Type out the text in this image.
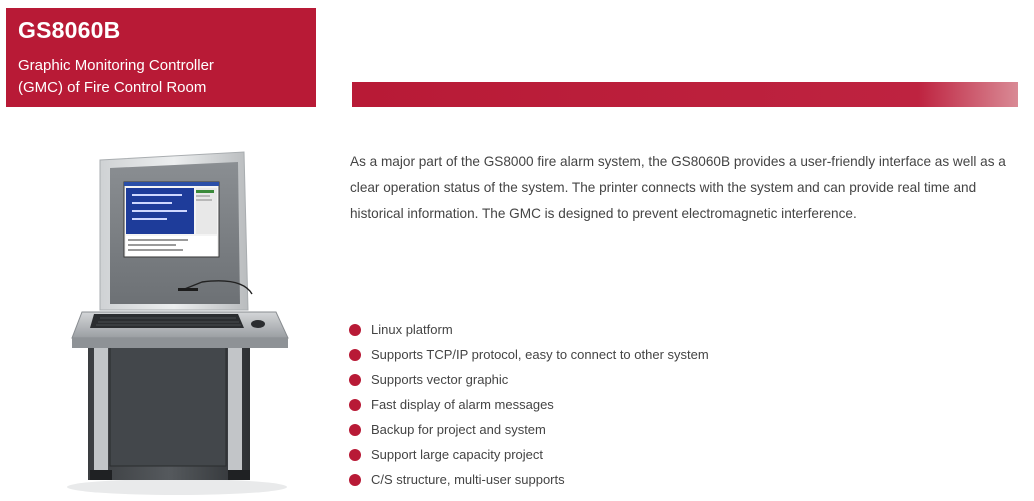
GS8060B
Graphic Monitoring Controller
(GMC) of Fire Control Room
As a major part of the GS8000 fire alarm system, the GS8060B provides a user-friendly interface as well as a clear operation status of the system. The printer connects with the system and can provide real time and historical information. The GMC is designed to prevent electromagnetic interference.
Linux platform
Supports TCP/IP protocol, easy to connect to other system
Supports vector graphic
Fast display of alarm messages
Backup for project and system
Support large capacity project
C/S structure, multi-user supports
